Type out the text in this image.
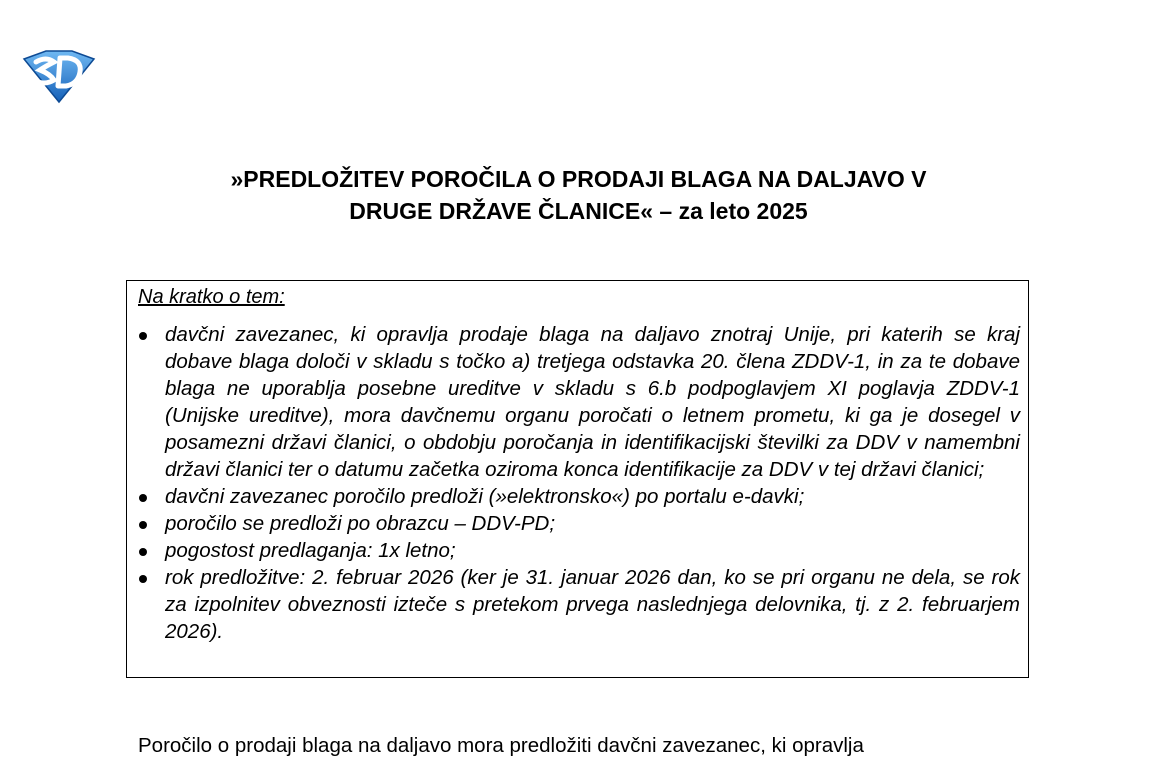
»PREDLOŽITEV POROČILA O PRODAJI BLAGA NA DALJAVO V
DRUGE DRŽAVE ČLANICE« – za leto 2025
Na kratko o tem:
davčni zavezanec, ki opravlja prodaje blaga na daljavo znotraj Unije, pri katerih se kraj dobave blaga določi v skladu s točko a) tretjega odstavka 20. člena ZDDV-1, in za te dobave blaga ne uporablja posebne ureditve v skladu s 6.b podpoglavjem XI poglavja ZDDV-1 (Unijske ureditve), mora davčnemu organu poročati o letnem prometu, ki ga je dosegel v posamezni državi članici, o obdobju poročanja in identifikacijski številki za DDV v namembni državi članici ter o datumu začetka oziroma konca identifikacije za DDV v tej državi članici;
davčni zavezanec poročilo predloži (»elektronsko«) po portalu e-davki;
poročilo se predloži po obrazcu – DDV-PD;
pogostost predlaganja: 1x letno;
rok predložitve: 2. februar 2026 (ker je 31. januar 2026 dan, ko se pri organu ne dela, se rok za izpolnitev obveznosti izteče s pretekom prvega naslednjega delovnika, tj. z 2. februarjem 2026).

Poročilo o prodaji blaga na daljavo mora predložiti davčni zavezanec, ki opravlja
